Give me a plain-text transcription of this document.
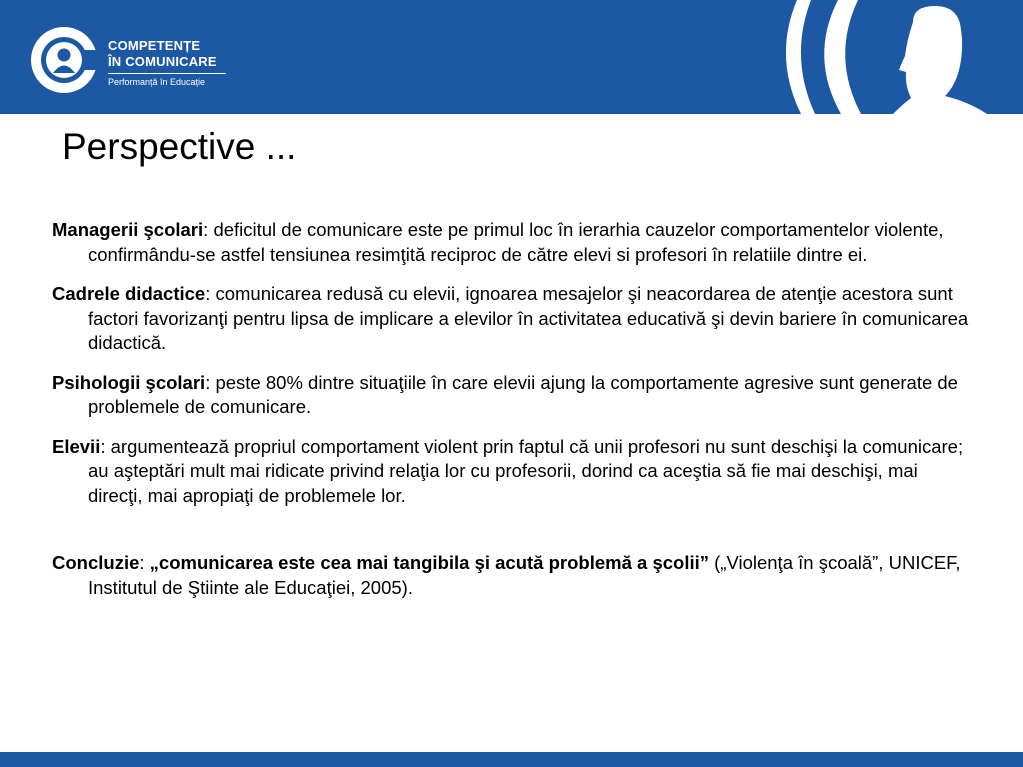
COMPETENȚE
ÎN COMUNICARE
Performanță în Educație
Perspective ...

Managerii şcolari: deficitul de comunicare este pe primul loc în ierarhia cauzelor comportamentelor violente, confirmându-se astfel tensiunea resimţită reciproc de către elevi si profesori în relatiile dintre ei.

Cadrele didactice: comunicarea redusă cu elevii, ignoarea mesajelor şi neacordarea de atenţie acestora sunt factori favorizanţi pentru lipsa de implicare a elevilor în activitatea educativă şi devin bariere în comunicarea didactică.

Psihologii şcolari: peste 80% dintre situaţiile în care elevii ajung la comportamente agresive sunt generate de problemele de comunicare.

Elevii: argumentează propriul comportament violent prin faptul că unii profesori nu sunt deschişi la comunicare; au aşteptări mult mai ridicate privind relaţia lor cu profesorii, dorind ca aceştia să fie mai deschişi, mai direcţi, mai apropiaţi de problemele lor.

Concluzie: „comunicarea este cea mai tangibila şi acută problemă a şcolii” („Violenţa în şcoală”, UNICEF, Institutul de Ştiinte ale Educaţiei, 2005).
